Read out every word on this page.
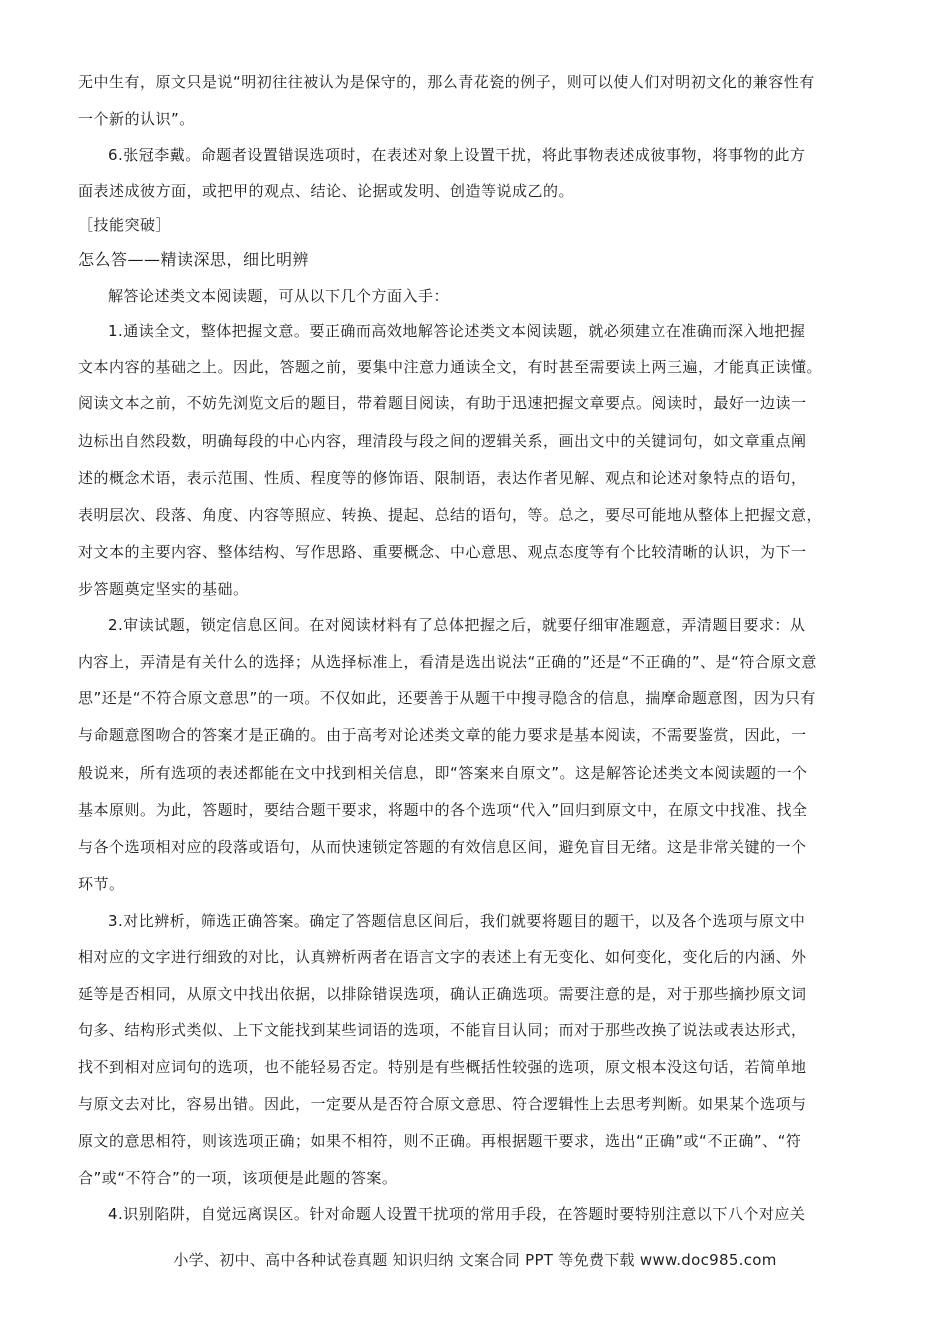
无中生有，原文只是说“明初往往被认为是保守的，那么青花瓷的例子，则可以使人们对明初文化的兼容性有
一个新的认识”。
6.张冠李戴。命题者设置错误选项时，在表述对象上设置干扰，将此事物表述成彼事物，将事物的此方
面表述成彼方面，或把甲的观点、结论、论据或发明、创造等说成乙的。
［技能突破］
怎么答——精读深思，细比明辨
解答论述类文本阅读题，可从以下几个方面入手：
1.通读全文，整体把握文意。要正确而高效地解答论述类文本阅读题，就必须建立在准确而深入地把握
文本内容的基础之上。因此，答题之前，要集中注意力通读全文，有时甚至需要读上两三遍，才能真正读懂。
阅读文本之前，不妨先浏览文后的题目，带着题目阅读，有助于迅速把握文章要点。阅读时，最好一边读一
边标出自然段数，明确每段的中心内容，理清段与段之间的逻辑关系，画出文中的关键词句，如文章重点阐
述的概念术语，表示范围、性质、程度等的修饰语、限制语，表达作者见解、观点和论述对象特点的语句，
表明层次、段落、角度、内容等照应、转换、提起、总结的语句，等。总之，要尽可能地从整体上把握文意，
对文本的主要内容、整体结构、写作思路、重要概念、中心意思、观点态度等有个比较清晰的认识，为下一
步答题奠定坚实的基础。
2.审读试题，锁定信息区间。在对阅读材料有了总体把握之后，就要仔细审准题意，弄清题目要求：从
内容上，弄清是有关什么的选择；从选择标准上，看清是选出说法“正确的”还是“不正确的”、是“符合原文意
思”还是“不符合原文意思”的一项。不仅如此，还要善于从题干中搜寻隐含的信息，揣摩命题意图，因为只有
与命题意图吻合的答案才是正确的。由于高考对论述类文章的能力要求是基本阅读，不需要鉴赏，因此，一
般说来，所有选项的表述都能在文中找到相关信息，即“答案来自原文”。这是解答论述类文本阅读题的一个
基本原则。为此，答题时，要结合题干要求，将题中的各个选项“代入”回归到原文中，在原文中找准、找全
与各个选项相对应的段落或语句，从而快速锁定答题的有效信息区间，避免盲目无绪。这是非常关键的一个
环节。
3.对比辨析，筛选正确答案。确定了答题信息区间后，我们就要将题目的题干，以及各个选项与原文中
相对应的文字进行细致的对比，认真辨析两者在语言文字的表述上有无变化、如何变化，变化后的内涵、外
延等是否相同，从原文中找出依据，以排除错误选项，确认正确选项。需要注意的是，对于那些摘抄原文词
句多、结构形式类似、上下文能找到某些词语的选项，不能盲目认同；而对于那些改换了说法或表达形式，
找不到相对应词句的选项，也不能轻易否定。特别是有些概括性较强的选项，原文根本没这句话，若简单地
与原文去对比，容易出错。因此，一定要从是否符合原文意思、符合逻辑性上去思考判断。如果某个选项与
原文的意思相符，则该选项正确；如果不相符，则不正确。再根据题干要求，选出“正确”或“不正确”、“符
合”或“不符合”的一项，该项便是此题的答案。
4.识别陷阱，自觉远离误区。针对命题人设置干扰项的常用手段，在答题时要特别注意以下八个对应关
小学、初中、高中各种试卷真题 知识归纳 文案合同 PPT 等免费下载 www.doc985.com
